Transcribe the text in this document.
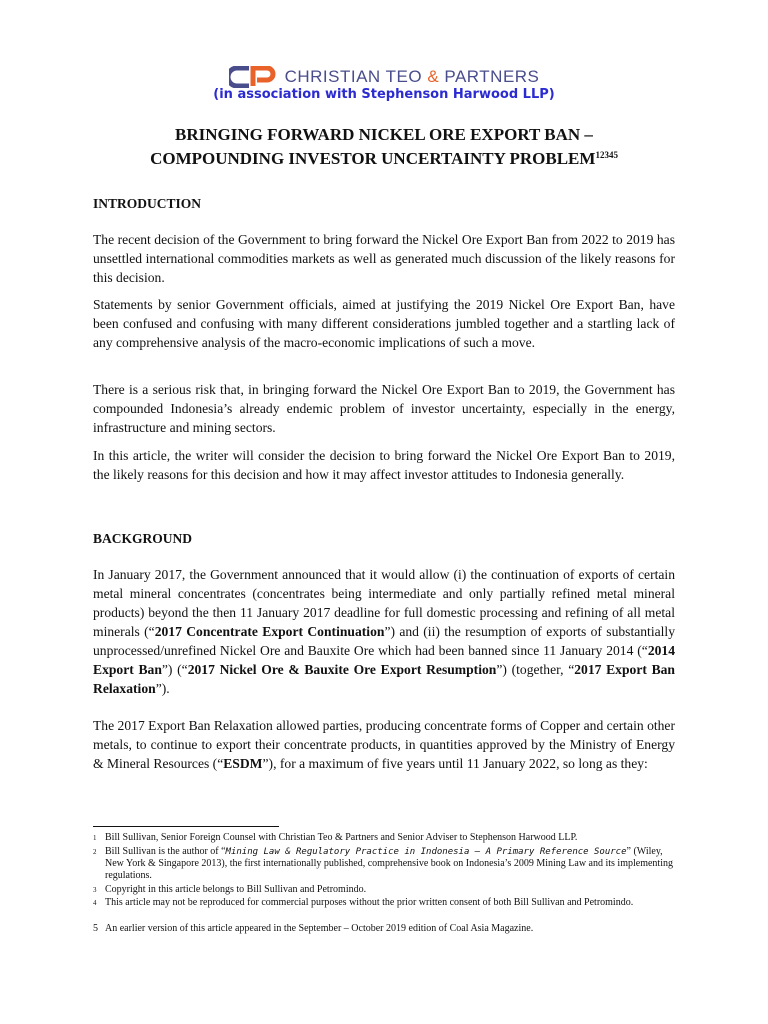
CHRISTIAN TEO & PARTNERS
(in association with Stephenson Harwood LLP)
BRINGING FORWARD NICKEL ORE EXPORT BAN –
COMPOUNDING INVESTOR UNCERTAINTY $PROBLEM^{12345}$
INTRODUCTION

The recent decision of the Government to bring forward the Nickel Ore Export Ban from 2022 to 2019 has unsettled international commodities markets as well as generated much discussion of the likely reasons for this decision.

Statements by senior Government officials, aimed at justifying the 2019 Nickel Ore Export Ban, have been confused and confusing with many different considerations jumbled together and a startling lack of any comprehensive analysis of the macro-economic implications of such a move.

There is a serious risk that, in bringing forward the Nickel Ore Export Ban to 2019, the Government has compounded Indonesia’s already endemic problem of investor uncertainty, especially in the energy, infrastructure and mining sectors.

In this article, the writer will consider the decision to bring forward the Nickel Ore Export Ban to 2019, the likely reasons for this decision and how it may affect investor attitudes to Indonesia generally.

BACKGROUND

In January 2017, the Government announced that it would allow (i) the continuation of exports of certain metal mineral concentrates (concentrates being intermediate and only partially refined metal mineral products) beyond the then 11 January 2017 deadline for full domestic processing and refining of all metal minerals (“2017 Concentrate Export Continuation”) and (ii) the resumption of exports of substantially unprocessed/unrefined Nickel Ore and Bauxite Ore which had been banned since 11 January 2014 (“2014 Export Ban”) (“2017 Nickel Ore & Bauxite Ore Export Resumption”) (together, “2017 Export Ban Relaxation”).

The 2017 Export Ban Relaxation allowed parties, producing concentrate forms of Copper and certain other metals, to continue to export their concentrate products, in quantities approved by the Ministry of Energy & Mineral Resources (“ESDM”), for a maximum of five years until 11 January 2022, so long as they:

1 Bill Sullivan, Senior Foreign Counsel with Christian Teo & Partners and Senior Adviser to Stephenson Harwood LLP.
2 Bill Sullivan is the author of “Mining Law & Regulatory Practice in Indonesia – A Primary Reference Source” (Wiley, New York & Singapore 2013), the first internationally published, comprehensive book on Indonesia’s 2009 Mining Law and its implementing regulations.
3 Copyright in this article belongs to Bill Sullivan and Petromindo.
4 This article may not be reproduced for commercial purposes without the prior written consent of both Bill Sullivan and Petromindo.
5 An earlier version of this article appeared in the September – October 2019 edition of Coal Asia Magazine.
